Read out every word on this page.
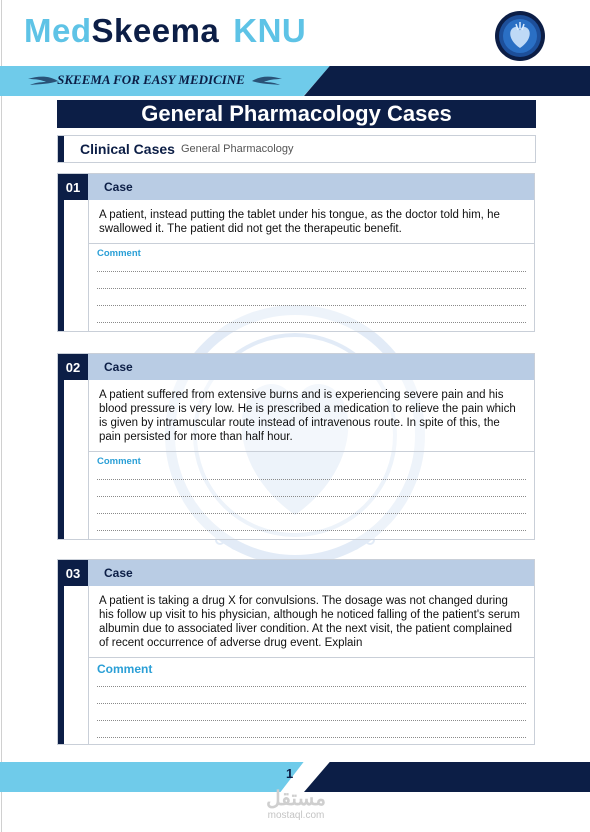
MedSkeema KNU
SKEEMA FOR EASY MEDICINE
General Pharmacology Cases
Clinical Cases General Pharmacology
01	Case
A patient, instead putting the tablet under his tongue, as the doctor told him, he swallowed it. The patient did not get the therapeutic benefit.
Comment
02	Case
A patient suffered from extensive burns and is experiencing severe pain and his blood pressure is very low. He is prescribed a medication to relieve the pain which is given by intramuscular route instead of intravenous route. In spite of this, the pain persisted for more than half hour.
Comment
03	Case
A patient is taking a drug X for convulsions. The dosage was not changed during his follow up visit to his physician, although he noticed falling of the patient's serum albumin due to associated liver condition. At the next visit, the patient complained of recent occurrence of adverse drug event. Explain
Comment
1
مستقل
mostaql.com
